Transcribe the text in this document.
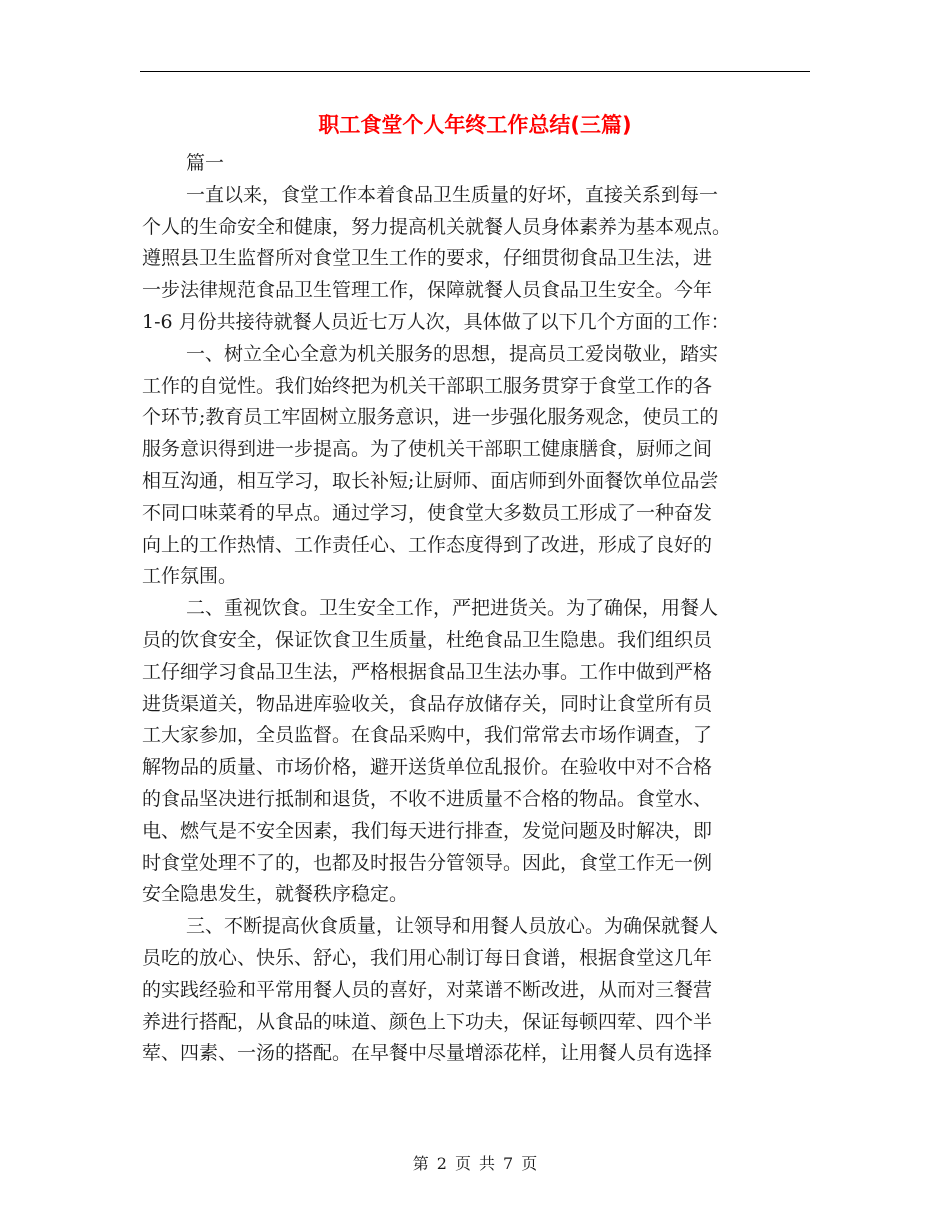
职工食堂个人年终工作总结(三篇)
篇一
一直以来，食堂工作本着食品卫生质量的好坏，直接关系到每一
个人的生命安全和健康，努力提高机关就餐人员身体素养为基本观点。
遵照县卫生监督所对食堂卫生工作的要求，仔细贯彻食品卫生法，进
一步法律规范食品卫生管理工作，保障就餐人员食品卫生安全。今年
1-6 月份共接待就餐人员近七万人次，具体做了以下几个方面的工作：
一、树立全心全意为机关服务的思想，提高员工爱岗敬业，踏实
工作的自觉性。我们始终把为机关干部职工服务贯穿于食堂工作的各
个环节;教育员工牢固树立服务意识，进一步强化服务观念，使员工的
服务意识得到进一步提高。为了使机关干部职工健康膳食，厨师之间
相互沟通，相互学习，取长补短;让厨师、面店师到外面餐饮单位品尝
不同口味菜肴的早点。通过学习，使食堂大多数员工形成了一种奋发
向上的工作热情、工作责任心、工作态度得到了改进，形成了良好的
工作氛围。
二、重视饮食。卫生安全工作，严把进货关。为了确保，用餐人
员的饮食安全，保证饮食卫生质量，杜绝食品卫生隐患。我们组织员
工仔细学习食品卫生法，严格根据食品卫生法办事。工作中做到严格
进货渠道关，物品进库验收关，食品存放储存关，同时让食堂所有员
工大家参加，全员监督。在食品采购中，我们常常去市场作调查，了
解物品的质量、市场价格，避开送货单位乱报价。在验收中对不合格
的食品坚决进行抵制和退货，不收不进质量不合格的物品。食堂水、
电、燃气是不安全因素，我们每天进行排查，发觉问题及时解决，即
时食堂处理不了的，也都及时报告分管领导。因此，食堂工作无一例
安全隐患发生，就餐秩序稳定。
三、不断提高伙食质量，让领导和用餐人员放心。为确保就餐人
员吃的放心、快乐、舒心，我们用心制订每日食谱，根据食堂这几年
的实践经验和平常用餐人员的喜好，对菜谱不断改进，从而对三餐营
养进行搭配，从食品的味道、颜色上下功夫，保证每顿四荤、四个半
荤、四素、一汤的搭配。在早餐中尽量增添花样，让用餐人员有选择
第 2 页 共 7 页
